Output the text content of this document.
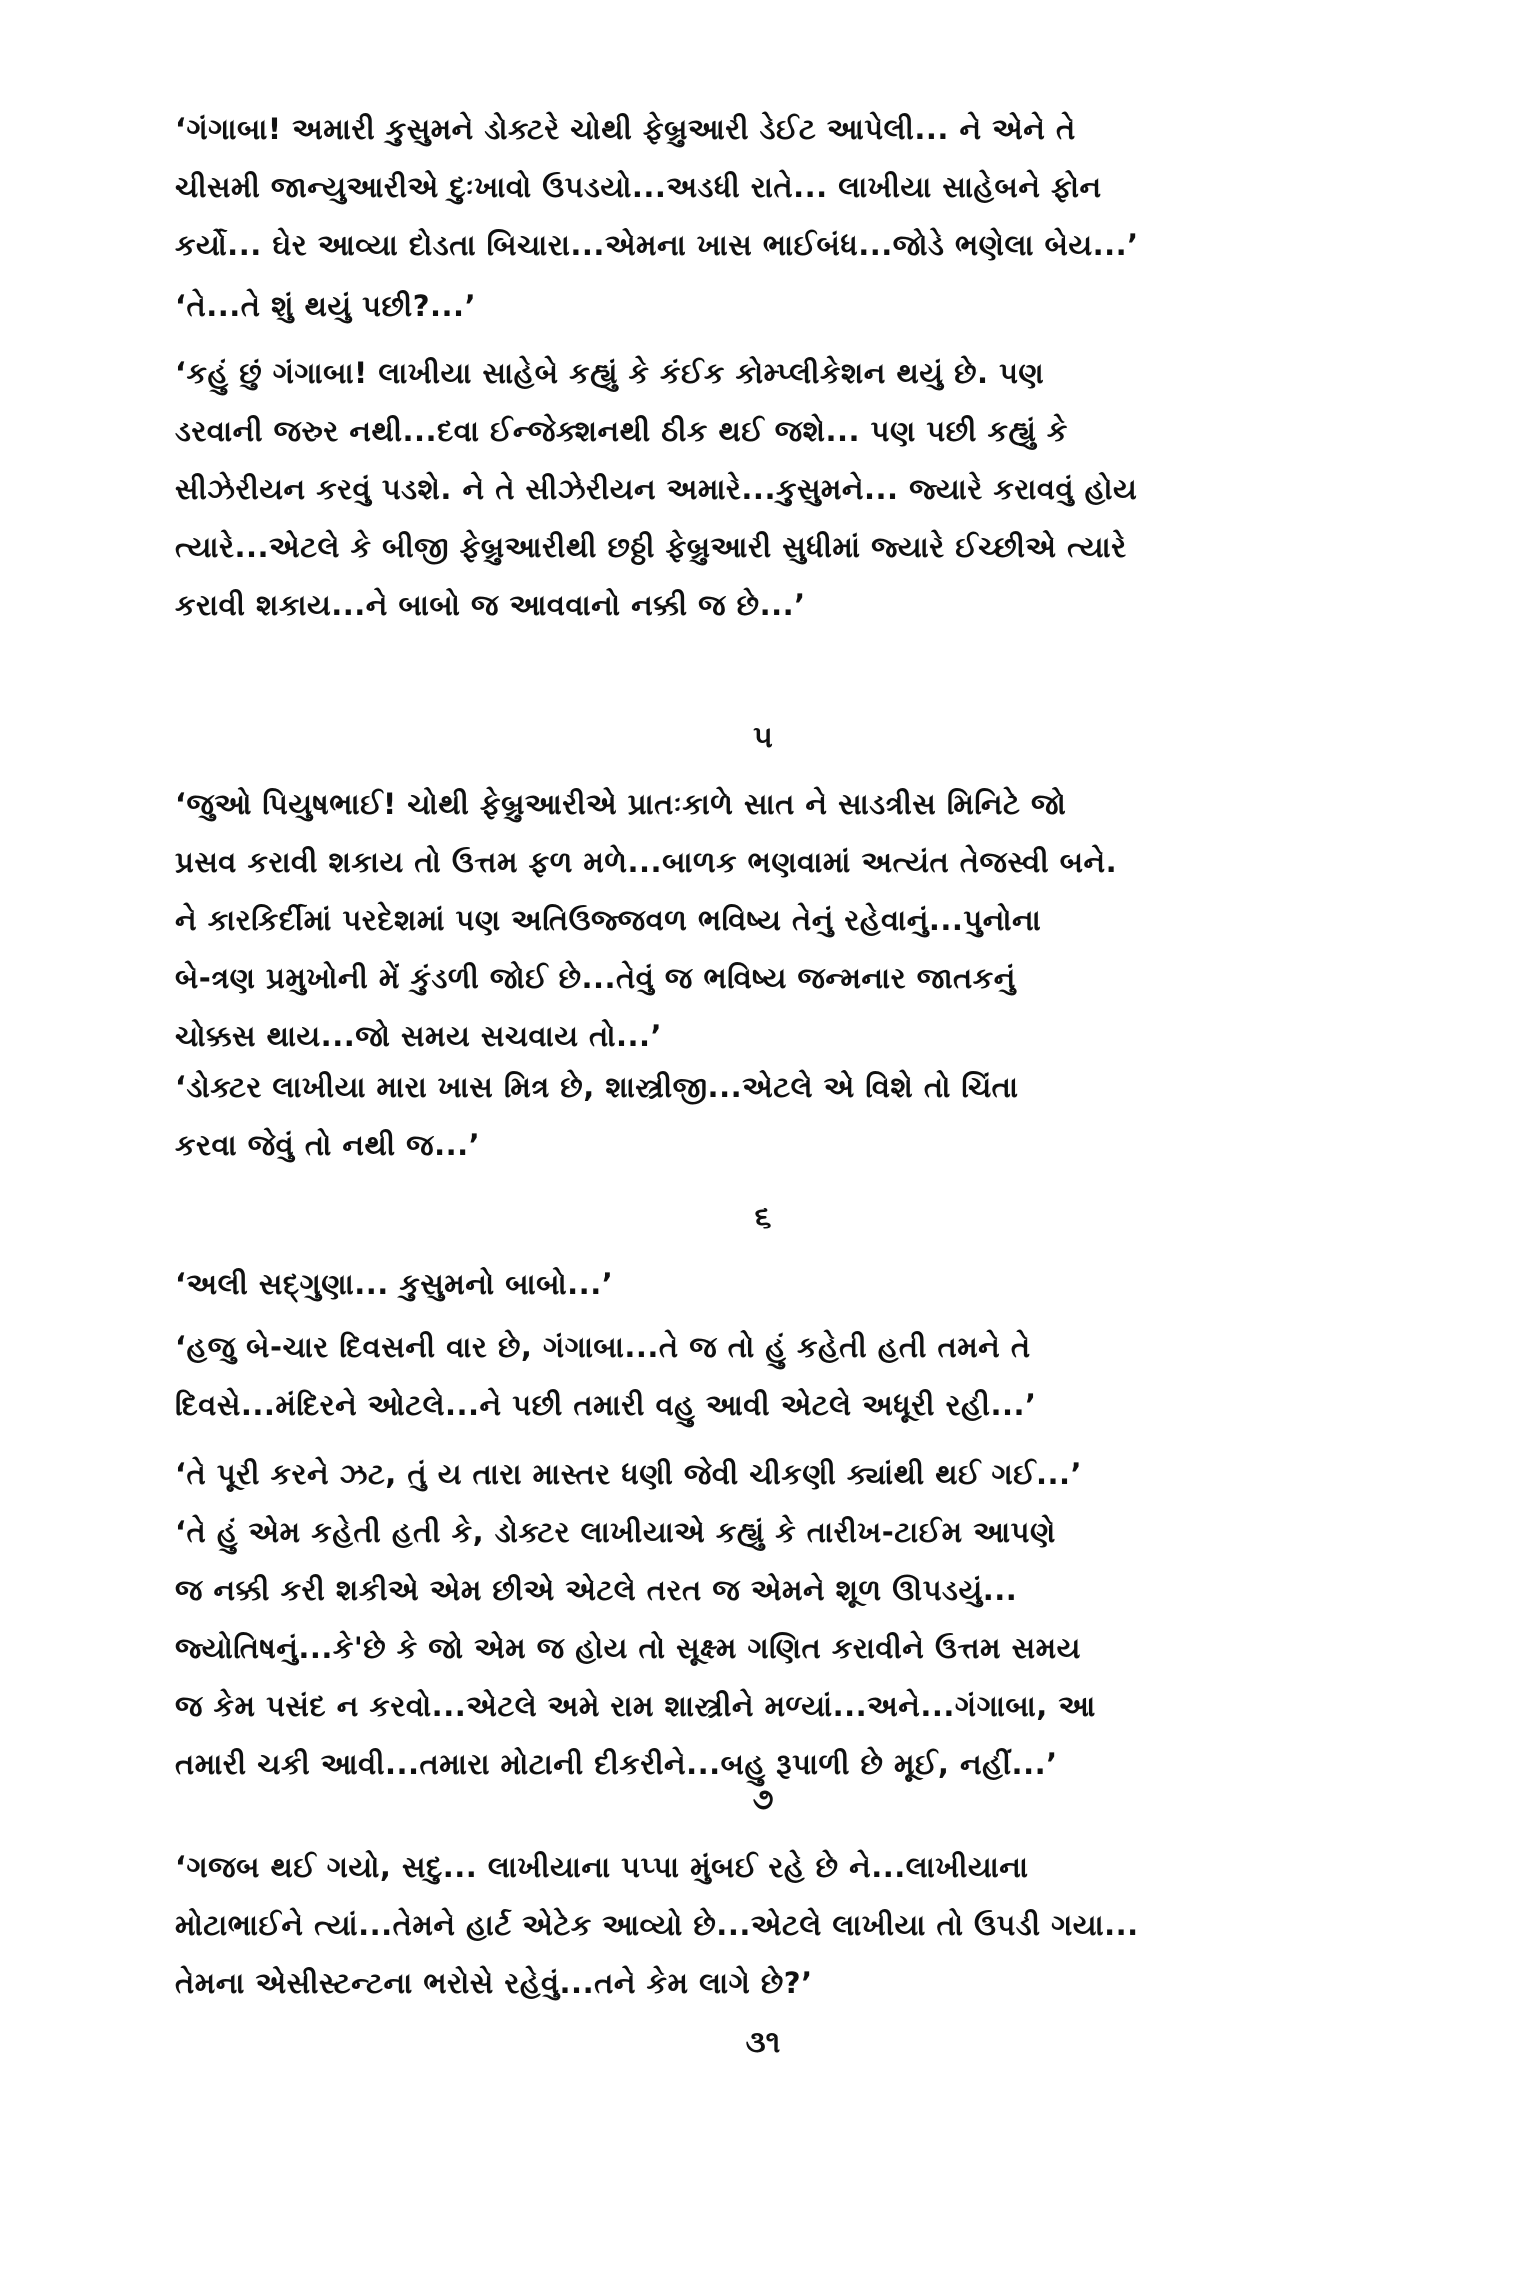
‘ગંગાબા! અમારી કુસુમને ડોક્ટરે ચોથી ફેબ્રુઆરી ડેઈટ આપેલી... ને એને તે
ચીસમી જાન્યુઆરીએ દુઃખાવો ઉપડયો...અડધી રાતે... લાખીયા સાહેબને ફોન
કર્યો... ઘેર આવ્યા દોડતા બિચારા...એમના ખાસ ભાઈબંધ...જોડે ભણેલા બેય...’
‘તે...તે શું થયું પછી?...’
‘કહું છું ગંગાબા! લાખીયા સાહેબે કહ્યું કે કંઈક કોમ્પ્લીકેશન થયું છે. પણ
ડરવાની જરુર નથી...દવા ઈન્જેક્શનથી ઠીક થઈ જશે... પણ પછી કહ્યું કે
સીઝેરીયન કરવું પડશે. ને તે સીઝેરીયન અમારે...કુસુમને... જ્યારે કરાવવું હોય
ત્યારે...એટલે કે બીજી ફેબ્રુઆરીથી છઠ્ઠી ફેબ્રુઆરી સુધીમાં જ્યારે ઈચ્છીએ ત્યારે
કરાવી શકાય...ને બાબો જ આવવાનો નક્કી જ છે...’
૫
‘જુઓ પિયુષભાઈ! ચોથી ફેબ્રુઆરીએ પ્રાતઃકાળે સાત ને સાડત્રીસ મિનિટે જો
પ્રસવ કરાવી શકાય તો ઉત્તમ ફળ મળે...બાળક ભણવામાં અત્યંત તેજસ્વી બને.
ને કારકિર્દીમાં પરદેશમાં પણ અતિઉજ્જવળ ભવિષ્ય તેનું રહેવાનું...પુનોના
બે-ત્રણ પ્રમુખોની મેં કુંડળી જોઈ છે...તેવું જ ભવિષ્ય જન્મનાર જાતકનું
ચોક્કસ થાય...જો સમય સચવાય તો...’
‘ડોક્ટર લાખીયા મારા ખાસ મિત્ર છે, શાસ્ત્રીજી...એટલે એ વિશે તો ચિંતા
કરવા જેવું તો નથી જ...’
૬
‘અલી સદ્ગુણા... કુસુમનો બાબો...’
‘હજુ બે-ચાર દિવસની વાર છે, ગંગાબા...તે જ તો હું કહેતી હતી તમને તે
દિવસે...મંદિરને ઓટલે...ને પછી તમારી વહુ આવી એટલે અધૂરી રહી...’
‘તે પૂરી કરને ઝટ, તું ય તારા માસ્તર ધણી જેવી ચીકણી ક્યાંથી થઈ ગઈ...’
‘તે હું એમ કહેતી હતી કે, ડોક્ટર લાખીયાએ કહ્યું કે તારીખ-ટાઈમ આપણે
જ નક્કી કરી શકીએ એમ છીએ એટલે તરત જ એમને શૂળ ઊપડયું...
જ્યોતિષનું...કે'છે કે જો એમ જ હોય તો સૂક્ષ્મ ગણિત કરાવીને ઉત્તમ સમય
જ કેમ પસંદ ન કરવો...એટલે અમે રામ શાસ્ત્રીને મળ્યાં...અને...ગંગાબા, આ
તમારી ચકી આવી...તમારા મોટાની દીકરીને...બહુ રૂપાળી છે મૂઈ, નહીં...’
૭
‘ગજબ થઈ ગયો, સદુ... લાખીયાના પપ્પા મુંબઈ રહે છે ને...લાખીયાના
મોટાભાઈને ત્યાં...તેમને હાર્ટ એટેક આવ્યો છે...એટલે લાખીયા તો ઉપડી ગયા...
તેમના એસીસ્ટન્ટના ભરોસે રહેવું...તને કેમ લાગે છે?’
૩૧
